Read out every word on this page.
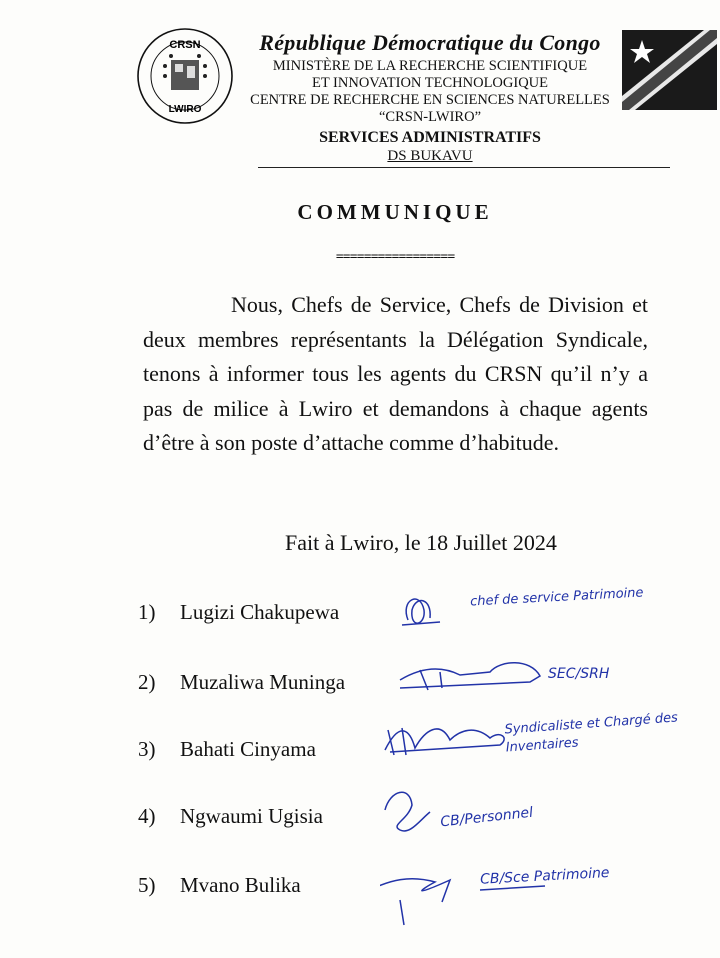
CRSN
LWIRO
République Démocratique du Congo
MINISTÈRE DE LA RECHERCHE SCIENTIFIQUE
ET INNOVATION TECHNOLOGIQUE
CENTRE DE RECHERCHE EN SCIENCES NATURELLES
“CRSN-LWIRO”
SERVICES ADMINISTRATIFS
DS BUKAVU
COMMUNIQUE
=================

Nous, Chefs de Service, Chefs de Division et deux membres représentants la Délégation Syndicale, tenons à informer tous les agents du CRSN qu’il n’y a pas de milice à Lwiro et demandons à chaque agents d’être à son poste d’attache comme d’habitude.

Fait à Lwiro, le 18 Juillet 2024
1) Lugizi Chakupewa
2) Muzaliwa Muninga
3) Bahati Cinyama
4) Ngwaumi Ugisia
5) Mvano Bulika
chef de service Patrimoine
SEC/SRH
Syndicaliste et Chargé des Inventaires
CB/Personnel
CB/Sce Patrimoine
